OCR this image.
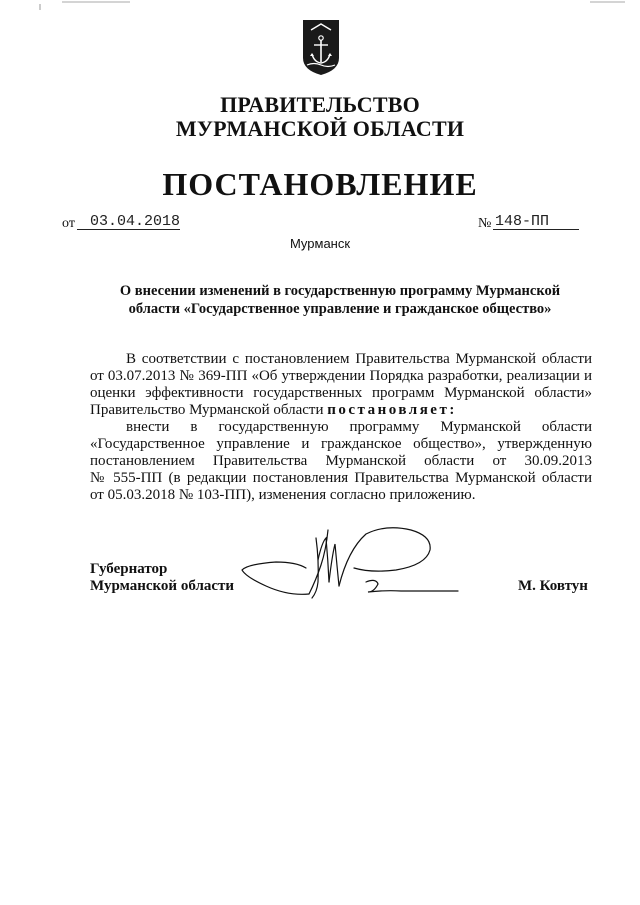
ПРАВИТЕЛЬСТВО
МУРМАНСКОЙ ОБЛАСТИ
ПОСТАНОВЛЕНИЕ
от 03.04.2018	№ 148-ПП
Мурманск
О внесении изменений в государственную программу Мурманской
области «Государственное управление и гражданское общество»
В соответствии с постановлением Правительства Мурманской области
от 03.07.2013 № 369-ПП «Об утверждении Порядка разработки, реализации и
оценки эффективности государственных программ Мурманской области»
Правительство Мурманской области постановляет:
внести в государственную программу Мурманской области
«Государственное управление и гражданское общество», утвержденную
постановлением Правительства Мурманской области от 30.09.2013
№ 555-ПП (в редакции постановления Правительства Мурманской области
от 05.03.2018 № 103-ПП), изменения согласно приложению.
Губернатор
Мурманской области	М. Ковтун
